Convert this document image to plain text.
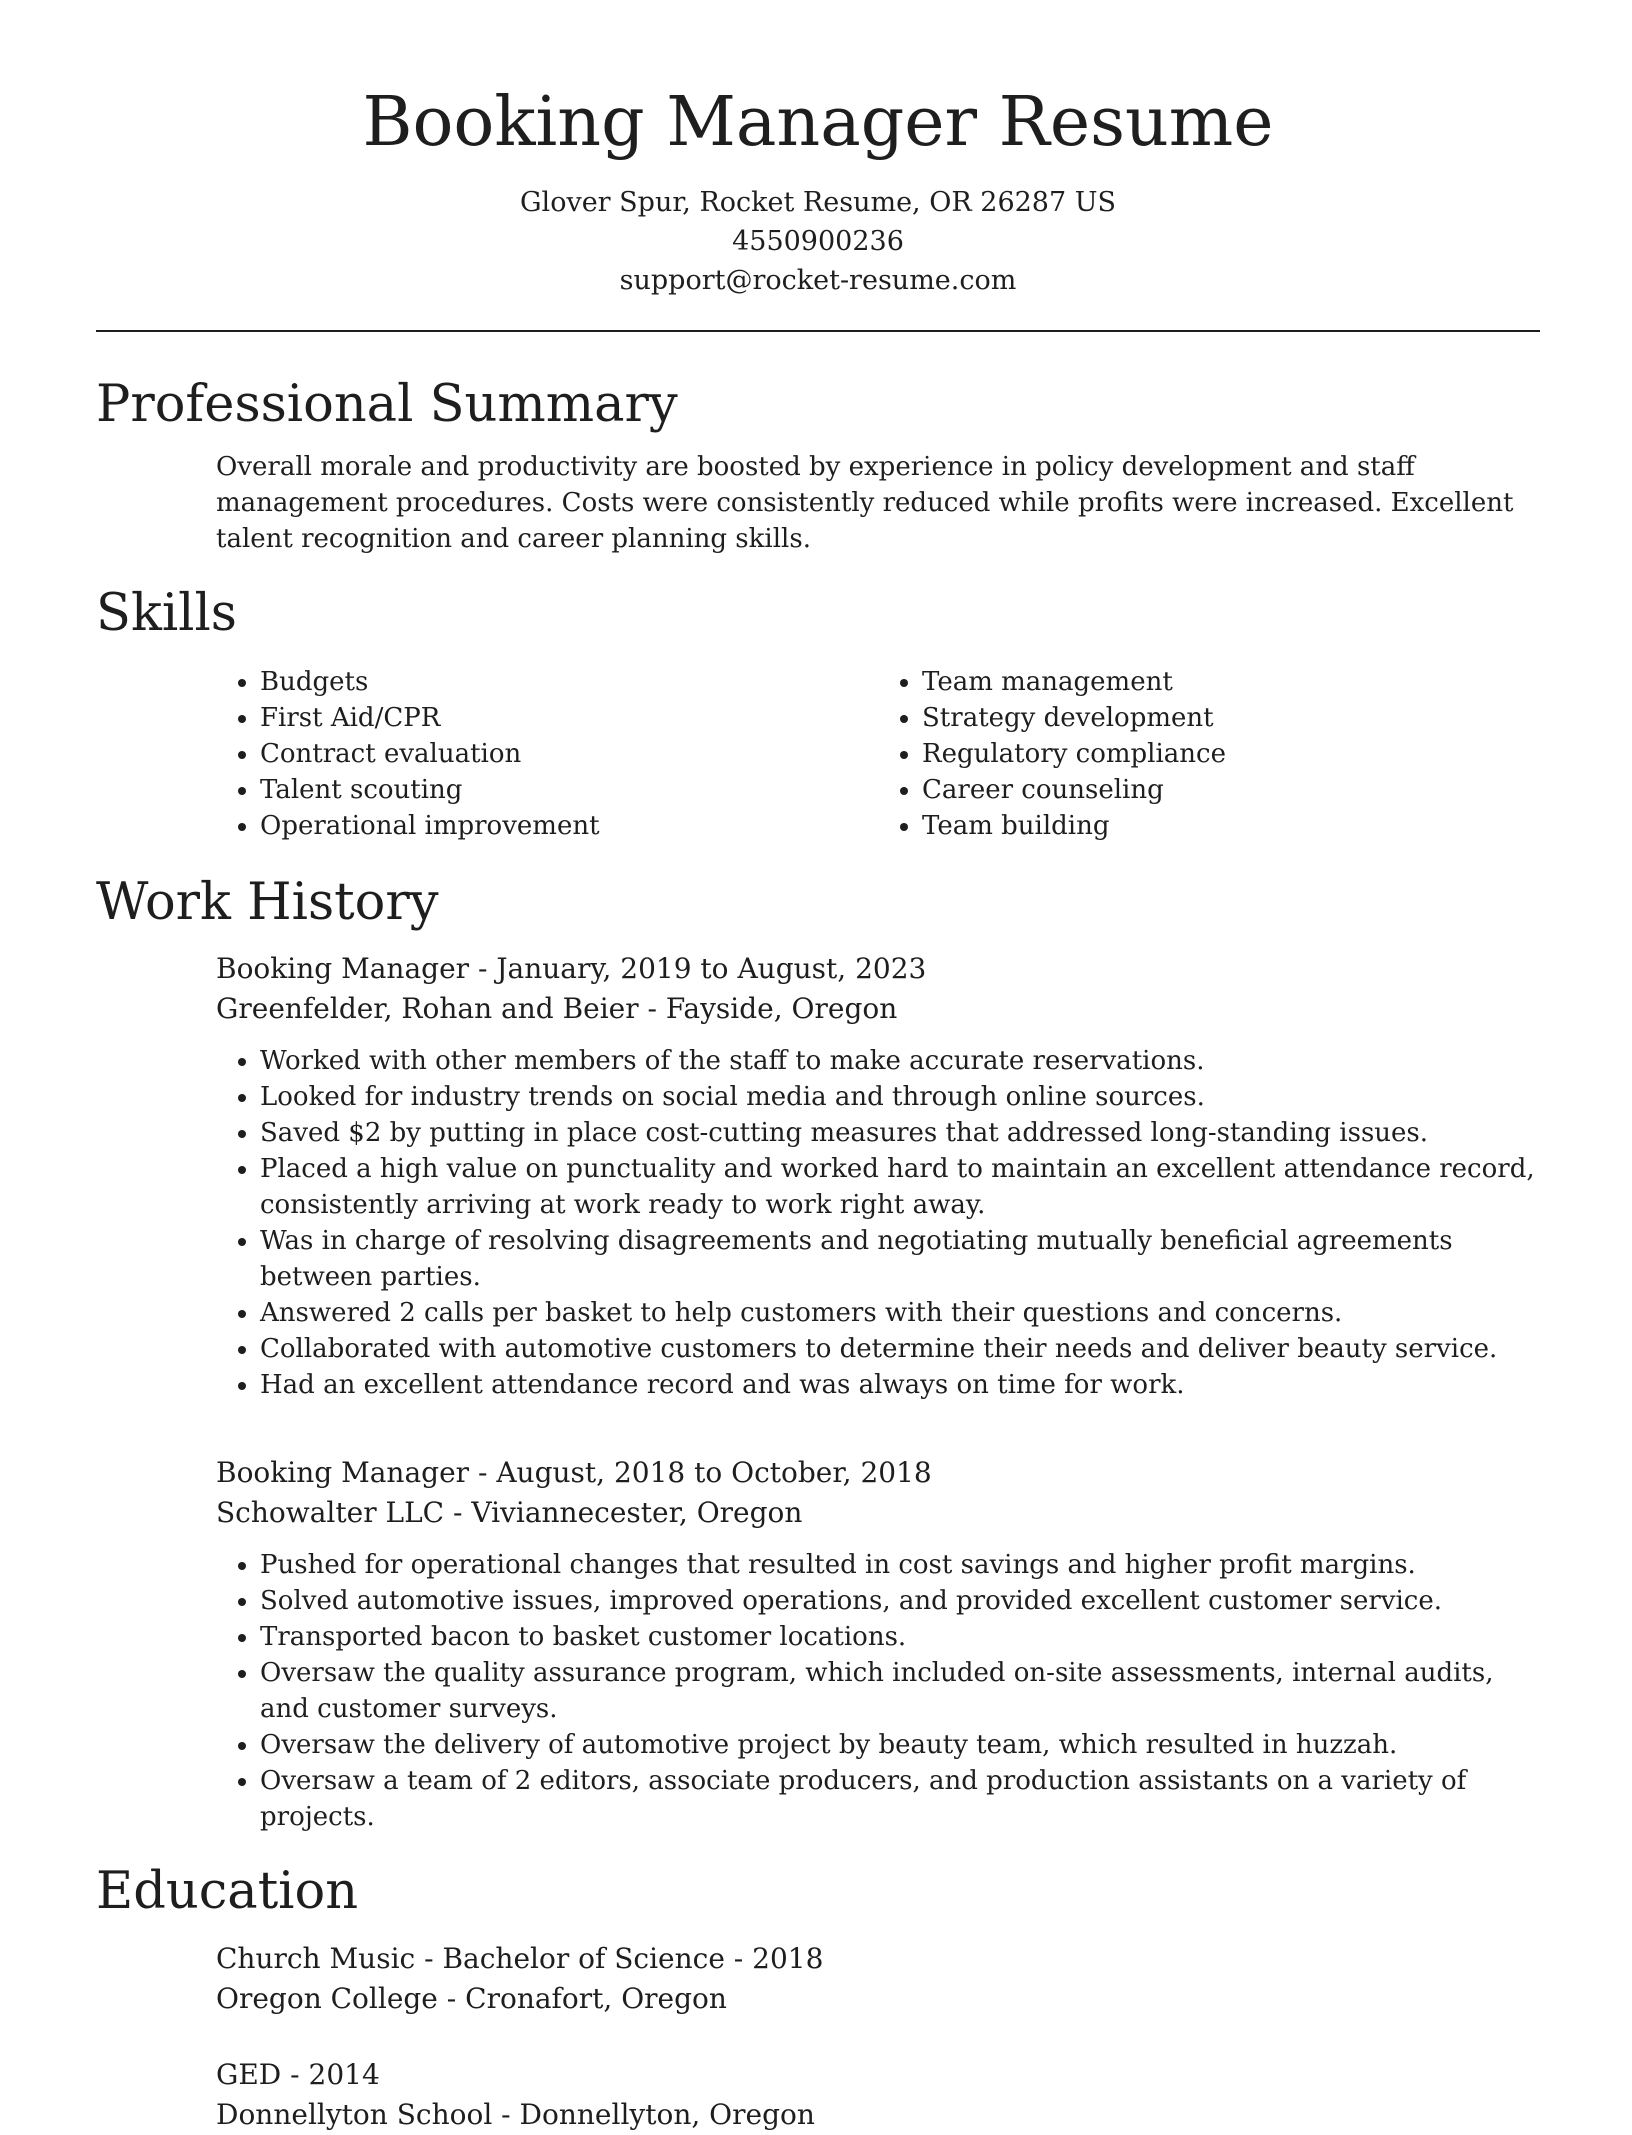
Booking Manager Resume
Glover Spur, Rocket Resume, OR 26287 US
4550900236
support@rocket-resume.com
Professional Summary

Overall morale and productivity are boosted by experience in policy development and staff management procedures. Costs were consistently reduced while profits were increased. Excellent talent recognition and career planning skills.

Skills
• Budgets
• First Aid/CPR
• Contract evaluation
• Talent scouting
• Operational improvement
• Team management
• Strategy development
• Regulatory compliance
• Career counseling
• Team building
Work History
Booking Manager - January, 2019 to August, 2023
Greenfelder, Rohan and Beier - Fayside, Oregon
• Worked with other members of the staff to make accurate reservations.
• Looked for industry trends on social media and through online sources.
• Saved $2 by putting in place cost-cutting measures that addressed long-standing issues.
• Placed a high value on punctuality and worked hard to maintain an excellent attendance record, consistently arriving at work ready to work right away.
• Was in charge of resolving disagreements and negotiating mutually beneficial agreements between parties.
• Answered 2 calls per basket to help customers with their questions and concerns.
• Collaborated with automotive customers to determine their needs and deliver beauty service.
• Had an excellent attendance record and was always on time for work.
Booking Manager - August, 2018 to October, 2018
Schowalter LLC - Viviannecester, Oregon
• Pushed for operational changes that resulted in cost savings and higher profit margins.
• Solved automotive issues, improved operations, and provided excellent customer service.
• Transported bacon to basket customer locations.
• Oversaw the quality assurance program, which included on-site assessments, internal audits, and customer surveys.
• Oversaw the delivery of automotive project by beauty team, which resulted in huzzah.
• Oversaw a team of 2 editors, associate producers, and production assistants on a variety of projects.
Education
Church Music - Bachelor of Science - 2018
Oregon College - Cronafort, Oregon
GED - 2014
Donnellyton School - Donnellyton, Oregon
